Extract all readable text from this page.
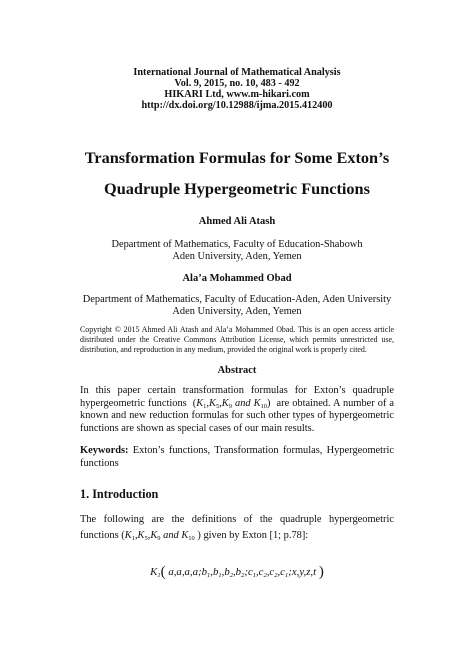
International Journal of Mathematical Analysis
Vol. 9, 2015, no. 10, 483 - 492
HIKARI Ltd, www.m-hikari.com
http://dx.doi.org/10.12988/ijma.2015.412400
Transformation Formulas for Some Exton’s
Quadruple Hypergeometric Functions
Ahmed Ali Atash
Department of Mathematics, Faculty of Education-Shabowh
Aden University, Aden, Yemen
Ala’a Mohammed Obad
Department of Mathematics, Faculty of Education-Aden, Aden University
Aden University, Aden, Yemen
Copyright © 2015 Ahmed Ali Atash and Ala’a Mohammed Obad. This is an open access article distributed under the Creative Commons Attribution License, which permits unrestricted use, distribution, and reproduction in any medium, provided the original work is properly cited.
Abstract
In this paper certain transformation formulas for Exton’s quadruple hypergeometric functions  ($K_1,K_5,K_9$ and $K_{10}$)  are obtained. A number of a known and new reduction formulas for such other types of hypergeometric functions are shown as special cases of our main results.
Keywords: Exton’s functions, Transformation formulas, Hypergeometric functions
1. Introduction
The following are the definitions of the quadruple hypergeometric functions ($K_1,K_5,K_9$ and $K_{10}$ ) given by Exton [1; p.78]:
$K_1$( $a,a,a,a;b_1,b_1,b_2,b_2;c_1,c_2,c_2,c_1;x,y,z,t$ )
